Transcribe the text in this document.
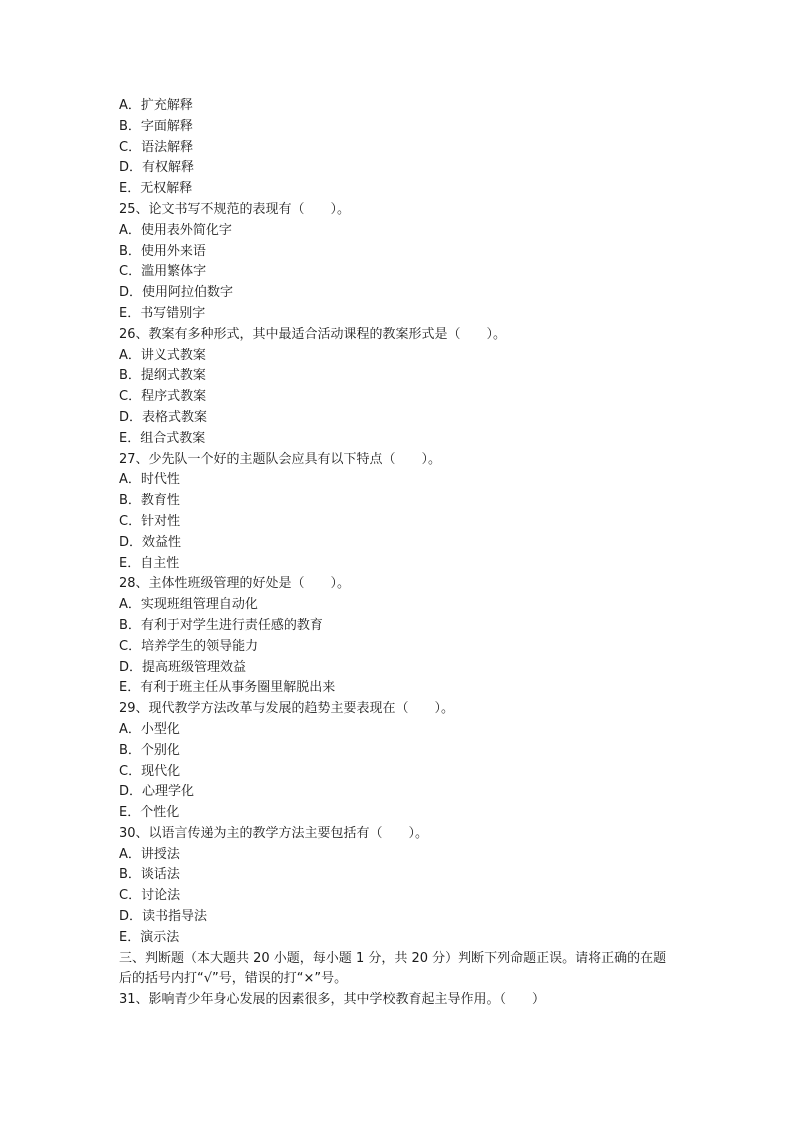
A．扩充解释
B．字面解释
C．语法解释
D．有权解释
E．无权解释
25、论文书写不规范的表现有（　　）。
A．使用表外简化字
B．使用外来语
C．滥用繁体字
D．使用阿拉伯数字
E．书写错别字
26、教案有多种形式，其中最适合活动课程的教案形式是（　　）。
A．讲义式教案
B．提纲式教案
C．程序式教案
D．表格式教案
E．组合式教案
27、少先队一个好的主题队会应具有以下特点（　　）。
A．时代性
B．教育性
C．针对性
D．效益性
E．自主性
28、主体性班级管理的好处是（　　）。
A．实现班组管理自动化
B．有利于对学生进行责任感的教育
C．培养学生的领导能力
D．提高班级管理效益
E．有利于班主任从事务圈里解脱出来
29、现代教学方法改革与发展的趋势主要表现在（　　）。
A．小型化
B．个别化
C．现代化
D．心理学化
E．个性化
30、以语言传递为主的教学方法主要包括有（　　）。
A．讲授法
B．谈话法
C．讨论法
D．读书指导法
E．演示法
三、判断题（本大题共 20 小题，每小题 1 分，共 20 分）判断下列命题正误。请将正确的在题后的括号内打“√”号，错误的打“×”号。
31、影响青少年身心发展的因素很多，其中学校教育起主导作用。（　　）
